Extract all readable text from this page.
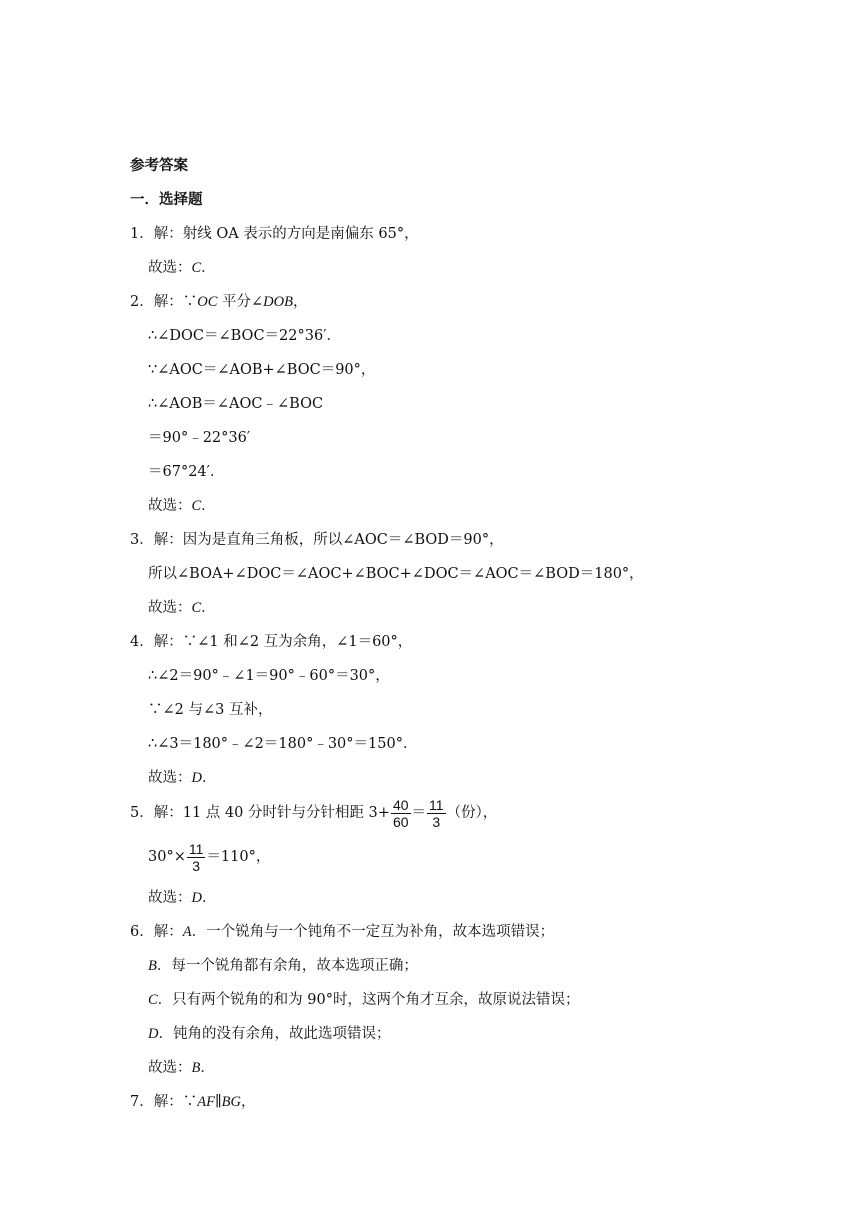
参考答案
一．选择题
1．解：射线 OA 表示的方向是南偏东 65°，
故选：C．
2．解：∵OC 平分∠DOB，
∴∠DOC＝∠BOC＝22°36′．
∵∠AOC＝∠AOB+∠BOC＝90°，
∴∠AOB＝∠AOC﹣∠BOC
＝90°﹣22°36′
＝67°24′．
故选：C．
3．解：因为是直角三角板，所以∠AOC＝∠BOD＝90°，
所以∠BOA+∠DOC＝∠AOC+∠BOC+∠DOC＝∠AOC＝∠BOD＝180°，
故选：C．
4．解：∵∠1 和∠2 互为余角，∠1＝60°，
∴∠2＝90°﹣∠1＝90°﹣60°＝30°，
∵∠2 与∠3 互补，
∴∠3＝180°﹣∠2＝180°﹣30°＝150°．
故选：D．
5．解：11 点 40 分时针与分针相距 $3+ \frac{40}{60} = \frac{11}{3}$ （份），
$30^\circ\times \frac{11}{3} =110^\circ$，
故选：D．
6．解：A．一个锐角与一个钝角不一定互为补角，故本选项错误；
B．每一个锐角都有余角，故本选项正确；
C．只有两个锐角的和为 90°时，这两个角才互余，故原说法错误；
D．钝角的没有余角，故此选项错误；
故选：B．
7．解：∵AF∥BG，
